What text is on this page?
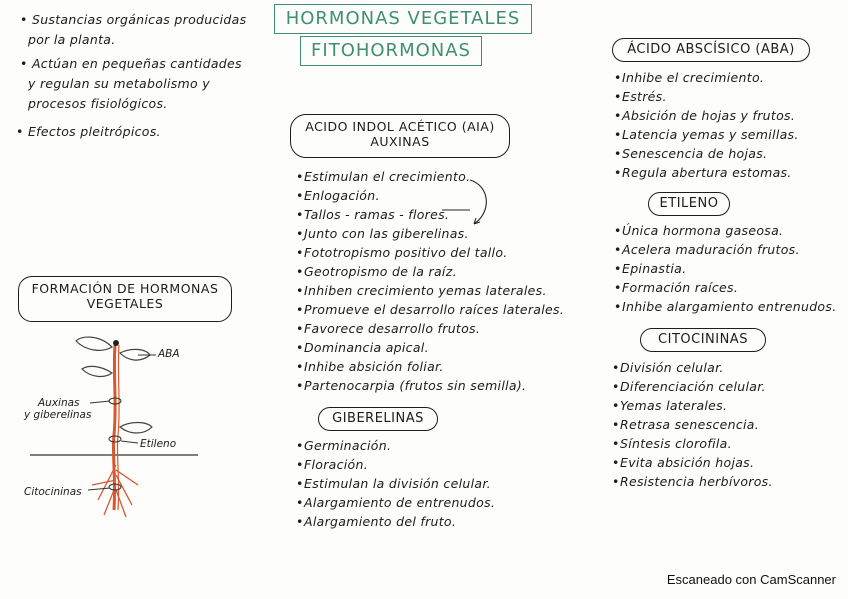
• Sustancias orgánicas producidas
por la planta.
• Actúan en pequeñas cantidades
y regulan su metabolismo y
procesos fisiológicos.
• Efectos pleitrópicos.
HORMONAS VEGETALES
FITOHORMONAS
FORMACIÓN DE HORMONAS
VEGETALES
ABA
Auxinas
y giberelinas
Etileno
Citocininas
ACIDO INDOL ACÉTICO (AIA)
AUXINAS
• Estimulan el crecimiento.
• Enlogación.
• Tallos - ramas - flores.
• Junto con las giberelinas.
• Fototropismo positivo del tallo.
• Geotropismo de la raíz.
• Inhiben crecimiento yemas laterales.
• Promueve el desarrollo raíces laterales.
• Favorece desarrollo frutos.
• Dominancia apical.
• Inhibe absición foliar.
• Partenocarpia (frutos sin semilla).
GIBERELINAS
• Germinación.
• Floración.
• Estimulan la división celular.
• Alargamiento de entrenudos.
• Alargamiento del fruto.
ÁCIDO ABSCÍSICO (ABA)
• Inhibe el crecimiento.
• Estrés.
• Absición de hojas y frutos.
• Latencia yemas y semillas.
• Senescencia de hojas.
• Regula abertura estomas.
ETILENO
• Única hormona gaseosa.
• Acelera maduración frutos.
• Epinastia.
• Formación raíces.
• Inhibe alargamiento entrenudos.
CITOCININAS
• División celular.
• Diferenciación celular.
• Yemas laterales.
• Retrasa senescencia.
• Síntesis clorofila.
• Evita absición hojas.
• Resistencia herbívoros.
Escaneado con CamScanner
